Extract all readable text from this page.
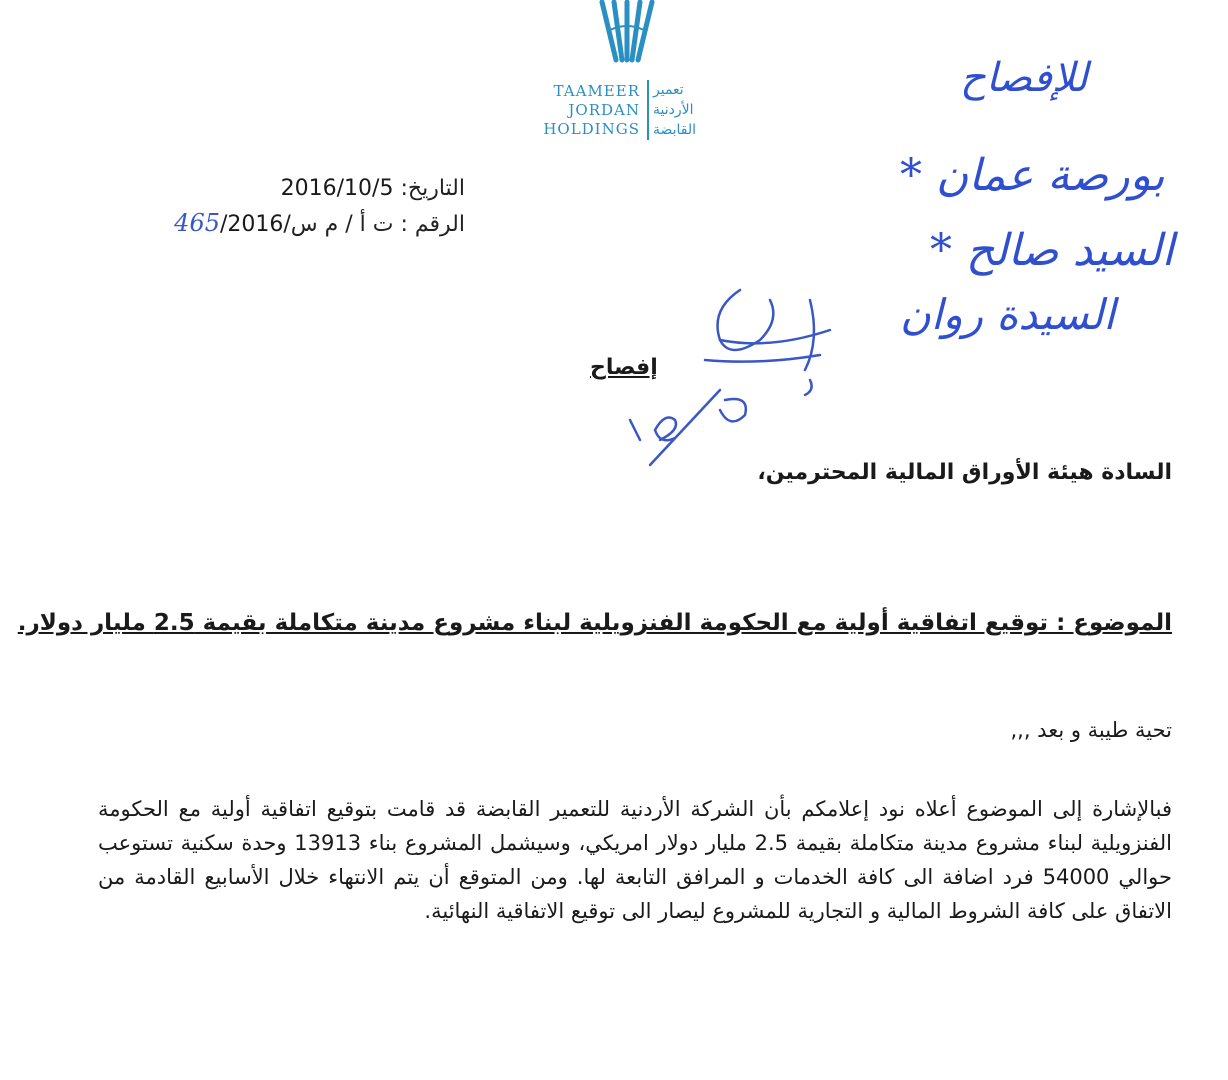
TAAMEER
JORDAN
HOLDINGS
تعمير
الأردنية
القابضة
التاريخ: 2016/10/5
الرقم : ت أ / م س/465/2016
للإفصاح
* بورصة عمان
* السيد صالح
السيدة روان
إفصاح
السادة هيئة الأوراق المالية المحترمين،
الموضوع : توقيع اتفاقية أولية مع الحكومة الفنزويلية لبناء مشروع مدينة متكاملة بقيمة 2.5 مليار دولار.
تحية طيبة و بعد ,,,
فبالإشارة إلى الموضوع أعلاه نود إعلامكم بأن الشركة الأردنية للتعمير القابضة قد قامت بتوقيع اتفاقية أولية مع الحكومة الفنزويلية لبناء مشروع مدينة متكاملة بقيمة 2.5 مليار دولار امريكي، وسيشمل المشروع بناء 13913 وحدة سكنية تستوعب حوالي 54000 فرد اضافة الى كافة الخدمات و المرافق التابعة لها. ومن المتوقع أن يتم الانتهاء خلال الأسابيع القادمة من الاتفاق على كافة الشروط المالية و التجارية للمشروع ليصار الى توقيع الاتفاقية النهائية.
